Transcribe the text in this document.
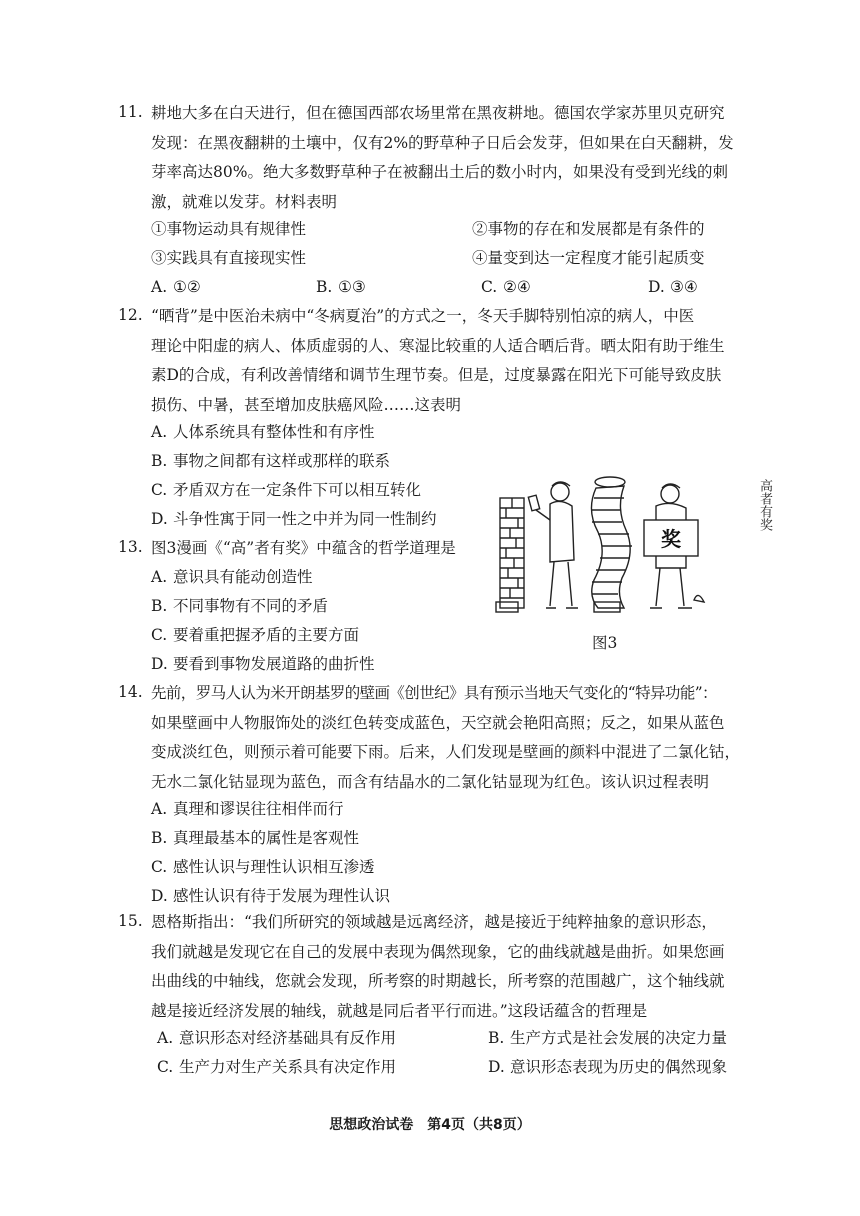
11. 耕地大多在白天进行，但在德国西部农场里常在黑夜耕地。德国农学家苏里贝克研究
发现：在黑夜翻耕的土壤中，仅有2%的野草种子日后会发芽，但如果在白天翻耕，发
芽率高达80%。绝大多数野草种子在被翻出土后的数小时内，如果没有受到光线的刺
激，就难以发芽。材料表明
①事物运动具有规律性	②事物的存在和发展都是有条件的
③实践具有直接现实性	④量变到达一定程度才能引起质变
A. ①②	B. ①③	C. ②④	D. ③④
12. “晒背”是中医治未病中“冬病夏治”的方式之一，冬天手脚特别怕凉的病人，中医
理论中阳虚的病人、体质虚弱的人、寒湿比较重的人适合晒后背。晒太阳有助于维生
素D的合成，有利改善情绪和调节生理节奏。但是，过度暴露在阳光下可能导致皮肤
损伤、中暑，甚至增加皮肤癌风险……这表明
A. 人体系统具有整体性和有序性
B. 事物之间都有这样或那样的联系
C. 矛盾双方在一定条件下可以相互转化
D. 斗争性寓于同一性之中并为同一性制约
13. 图3漫画《“高”者有奖》中蕴含的哲学道理是
A. 意识具有能动创造性
B. 不同事物有不同的矛盾
C. 要着重把握矛盾的主要方面
D. 要看到事物发展道路的曲折性
奖
高者有奖
图3
14. 先前，罗马人认为米开朗基罗的壁画《创世纪》具有预示当地天气变化的“特异功能”：
如果壁画中人物服饰处的淡红色转变成蓝色，天空就会艳阳高照；反之，如果从蓝色
变成淡红色，则预示着可能要下雨。后来，人们发现是壁画的颜料中混进了二氯化钴，
无水二氯化钴显现为蓝色，而含有结晶水的二氯化钴显现为红色。该认识过程表明
A. 真理和谬误往往相伴而行
B. 真理最基本的属性是客观性
C. 感性认识与理性认识相互渗透
D. 感性认识有待于发展为理性认识
15. 恩格斯指出：“我们所研究的领域越是远离经济，越是接近于纯粹抽象的意识形态，
我们就越是发现它在自己的发展中表现为偶然现象，它的曲线就越是曲折。如果您画
出曲线的中轴线，您就会发现，所考察的时期越长，所考察的范围越广，这个轴线就
越是接近经济发展的轴线，就越是同后者平行而进。”这段话蕴含的哲理是
A. 意识形态对经济基础具有反作用	B. 生产方式是社会发展的决定力量
C. 生产力对生产关系具有决定作用	D. 意识形态表现为历史的偶然现象
思想政治试卷　第4页（共8页）
